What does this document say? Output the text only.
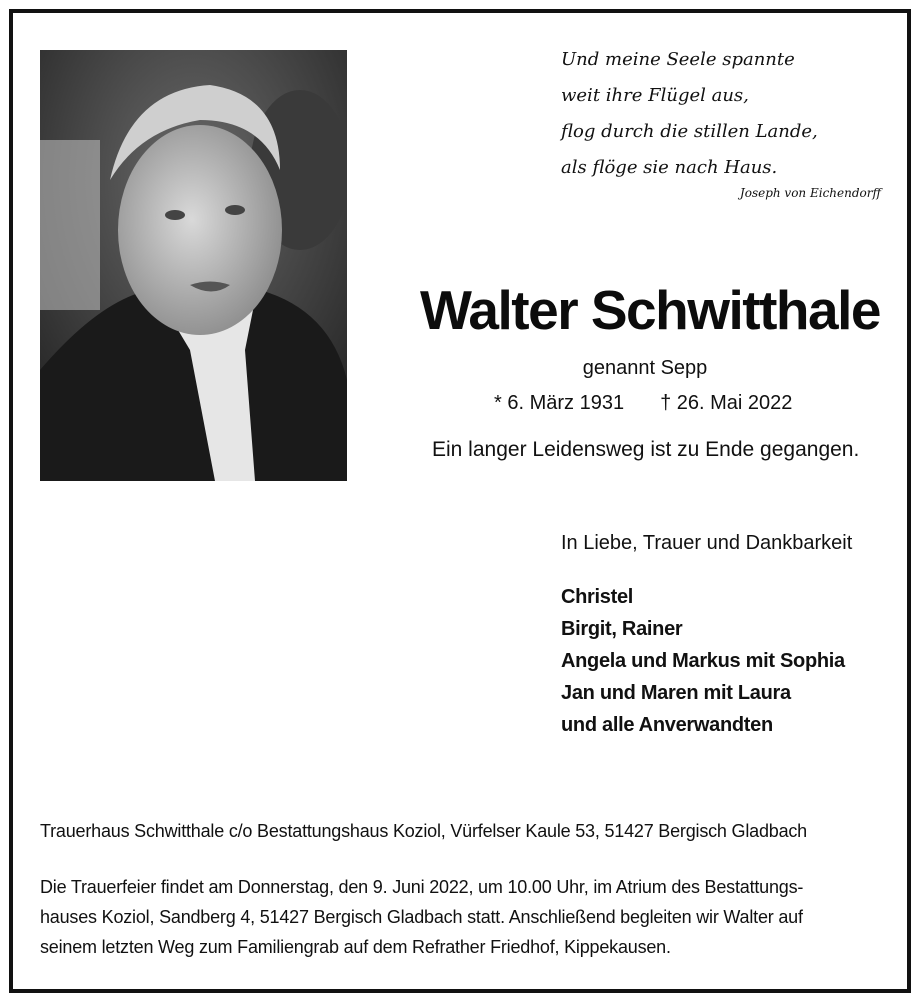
Und meine Seele spannte
weit ihre Flügel aus,
flog durch die stillen Lande,
als flöge sie nach Haus.
Joseph von Eichendorff
Walter Schwitthale
genannt Sepp
* 6. März 1931 † 26. Mai 2022
Ein langer Leidensweg ist zu Ende gegangen.
In Liebe, Trauer und Dankbarkeit
Christel
Birgit, Rainer
Angela und Markus mit Sophia
Jan und Maren mit Laura
und alle Anverwandten
Trauerhaus Schwitthale c/o Bestattungshaus Koziol, Vürfelser Kaule 53, 51427 Bergisch Gladbach
Die Trauerfeier findet am Donnerstag, den 9. Juni 2022, um 10.00 Uhr, im Atrium des Bestattungs-
hauses Koziol, Sandberg 4, 51427 Bergisch Gladbach statt. Anschließend begleiten wir Walter auf
seinem letzten Weg zum Familiengrab auf dem Refrather Friedhof, Kippekausen.
